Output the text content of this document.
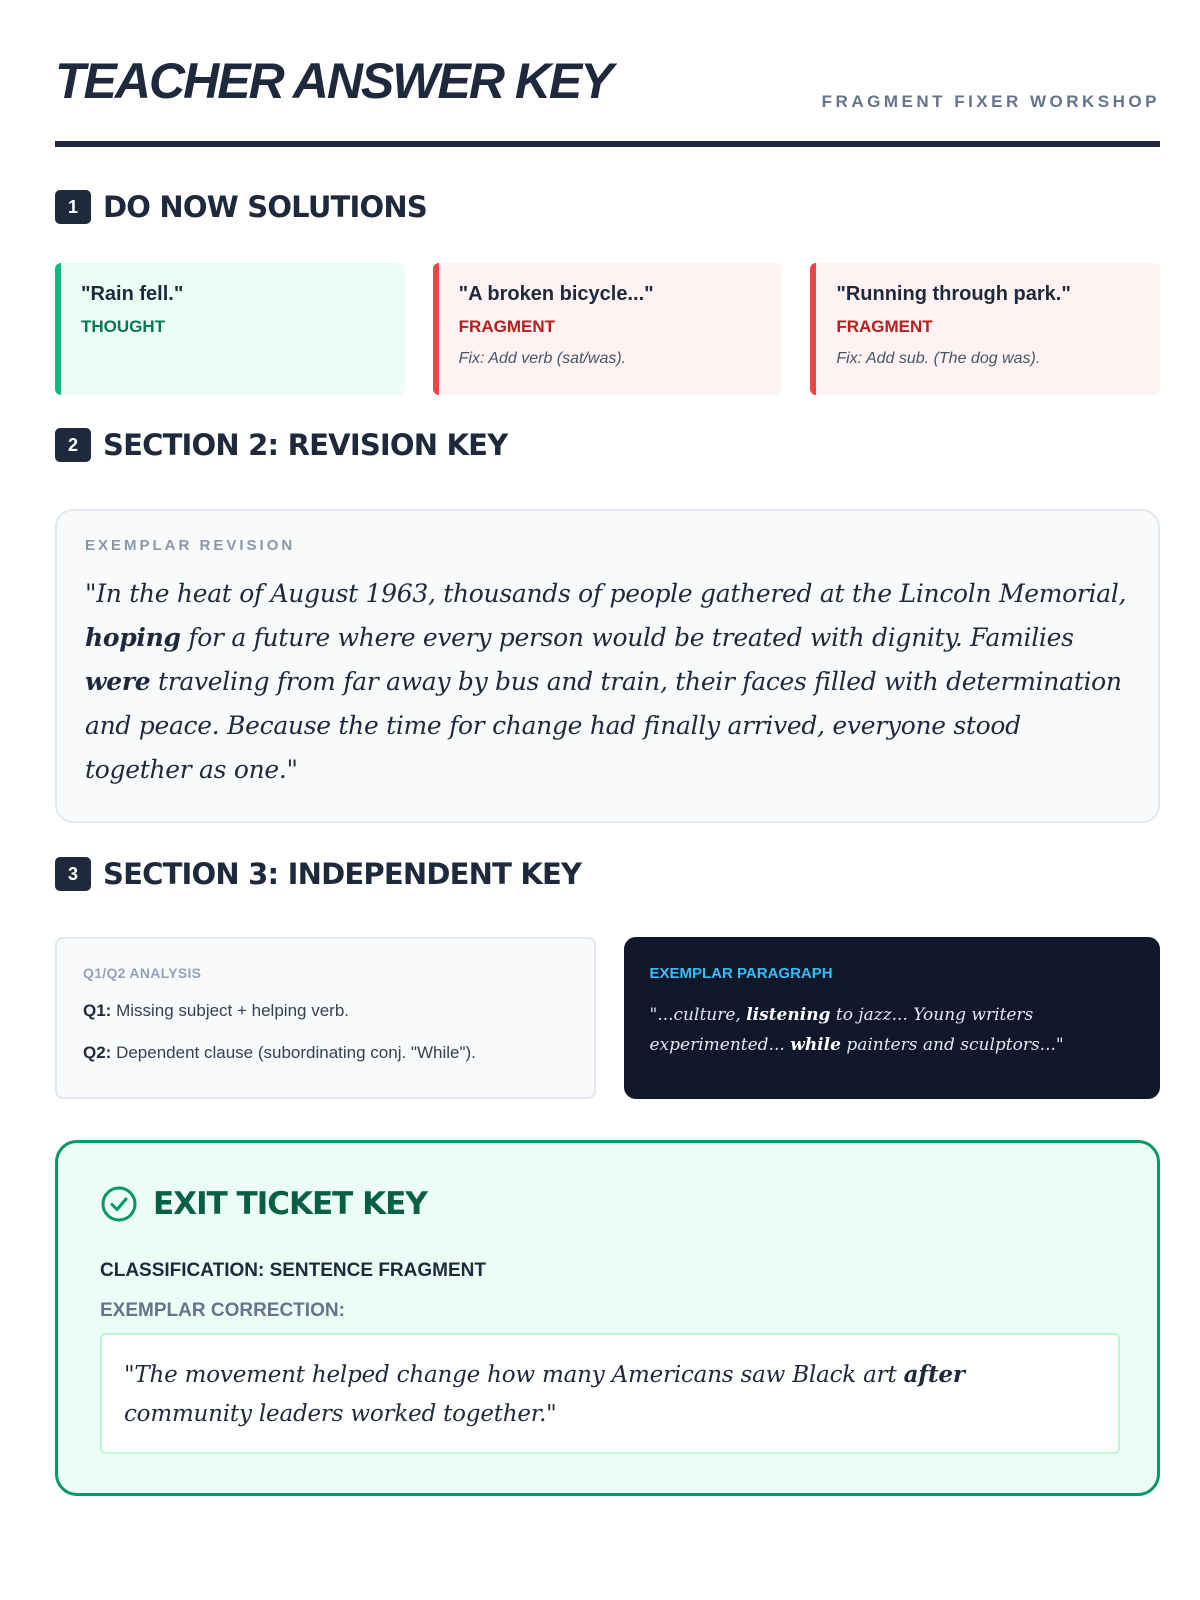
TEACHER ANSWER KEY	FRAGMENT FIXER WORKSHOP
1 DO NOW SOLUTIONS
"Rain fell."
THOUGHT
"A broken bicycle..."
FRAGMENT
Fix: Add verb (sat/was).
"Running through park."
FRAGMENT
Fix: Add sub. (The dog was).
2 SECTION 2: REVISION KEY
EXEMPLAR REVISION
"In the heat of August 1963, thousands of people gathered at the Lincoln Memorial, hoping for a future where every person would be treated with dignity. Families were traveling from far away by bus and train, their faces filled with determination and peace. Because the time for change had finally arrived, everyone stood together as one."
3 SECTION 3: INDEPENDENT KEY
Q1/Q2 ANALYSIS
Q1: Missing subject + helping verb.
Q2: Dependent clause (subordinating conj. "While").
EXEMPLAR PARAGRAPH
"...culture, listening to jazz... Young writers experimented... while painters and sculptors..."
EXIT TICKET KEY
CLASSIFICATION: SENTENCE FRAGMENT
EXEMPLAR CORRECTION:
"The movement helped change how many Americans saw Black art after community leaders worked together."
